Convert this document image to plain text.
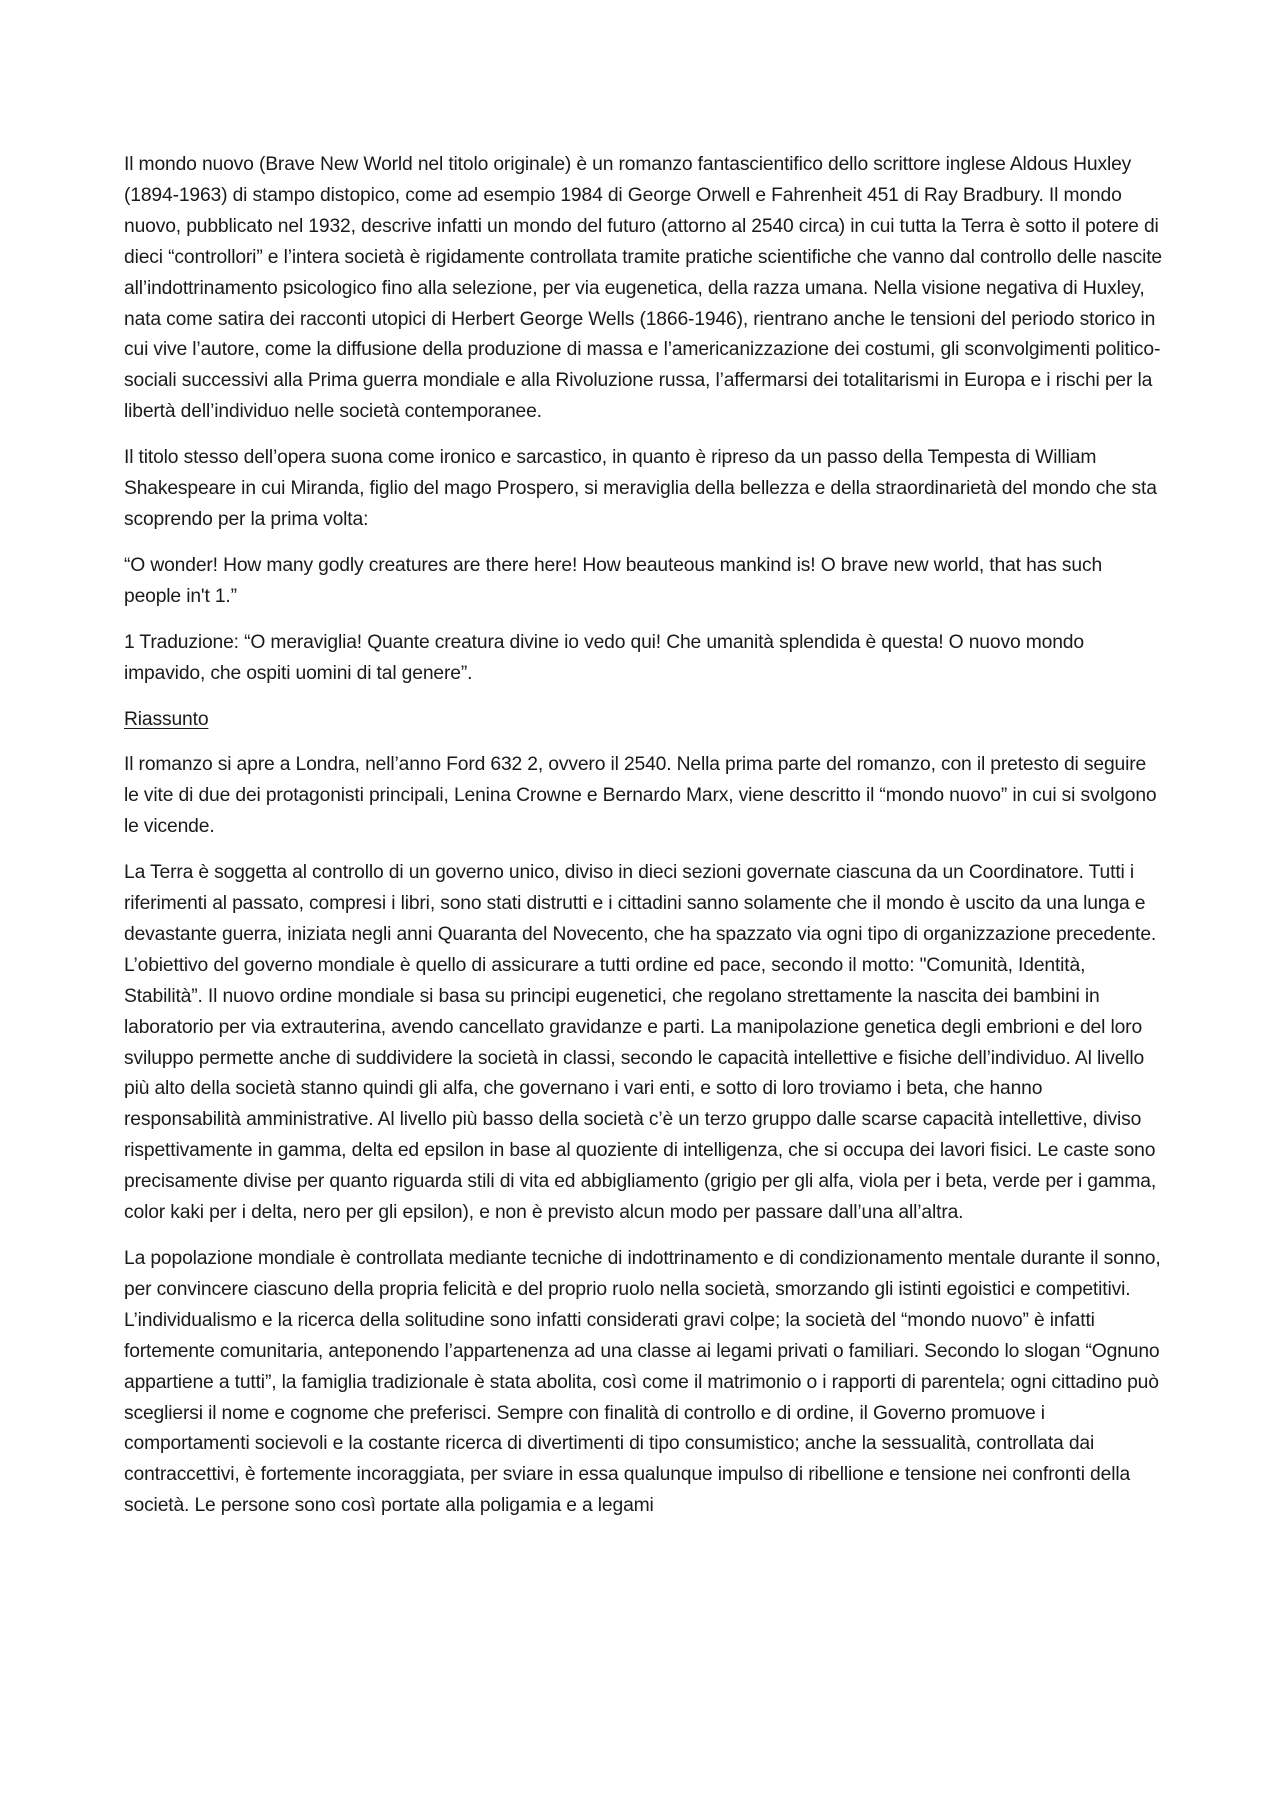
Il mondo nuovo (Brave New World nel titolo originale) è un romanzo fantascientifico dello scrittore inglese Aldous Huxley (1894-1963) di stampo distopico, come ad esempio 1984 di George Orwell e Fahrenheit 451 di Ray Bradbury. Il mondo nuovo, pubblicato nel 1932, descrive infatti un mondo del futuro (attorno al 2540 circa) in cui tutta la Terra è sotto il potere di dieci “controllori” e l’intera società è rigidamente controllata tramite pratiche scientifiche che vanno dal controllo delle nascite all’indottrinamento psicologico fino alla selezione, per via eugenetica, della razza umana. Nella visione negativa di Huxley, nata come satira dei racconti utopici di Herbert George Wells (1866-1946), rientrano anche le tensioni del periodo storico in cui vive l’autore, come la diffusione della produzione di massa e l’americanizzazione dei costumi, gli sconvolgimenti politico-sociali successivi alla Prima guerra mondiale e alla Rivoluzione russa, l’affermarsi dei totalitarismi in Europa e i rischi per la libertà dell’individuo nelle società contemporanee.

Il titolo stesso dell’opera suona come ironico e sarcastico, in quanto è ripreso da un passo della Tempesta di William Shakespeare in cui Miranda, figlio del mago Prospero, si meraviglia della bellezza e della straordinarietà del mondo che sta scoprendo per la prima volta:

“O wonder! How many godly creatures are there here! How beauteous mankind is! O brave new world, that has such people in't 1.”

1 Traduzione: “O meraviglia! Quante creatura divine io vedo qui! Che umanità splendida è questa! O nuovo mondo impavido, che ospiti uomini di tal genere”.

Riassunto

Il romanzo si apre a Londra, nell’anno Ford 632 2, ovvero il 2540. Nella prima parte del romanzo, con il pretesto di seguire le vite di due dei protagonisti principali, Lenina Crowne e Bernardo Marx, viene descritto il “mondo nuovo” in cui si svolgono le vicende.

La Terra è soggetta al controllo di un governo unico, diviso in dieci sezioni governate ciascuna da un Coordinatore. Tutti i riferimenti al passato, compresi i libri, sono stati distrutti e i cittadini sanno solamente che il mondo è uscito da una lunga e devastante guerra, iniziata negli anni Quaranta del Novecento, che ha spazzato via ogni tipo di organizzazione precedente. L’obiettivo del governo mondiale è quello di assicurare a tutti ordine ed pace, secondo il motto: "Comunità, Identità, Stabilità”. Il nuovo ordine mondiale si basa su principi eugenetici, che regolano strettamente la nascita dei bambini in laboratorio per via extrauterina, avendo cancellato gravidanze e parti. La manipolazione genetica degli embrioni e del loro sviluppo permette anche di suddividere la società in classi, secondo le capacità intellettive e fisiche dell’individuo. Al livello più alto della società stanno quindi gli alfa, che governano i vari enti, e sotto di loro troviamo i beta, che hanno responsabilità amministrative. Al livello più basso della società c’è un terzo gruppo dalle scarse capacità intellettive, diviso rispettivamente in gamma, delta ed epsilon in base al quoziente di intelligenza, che si occupa dei lavori fisici. Le caste sono precisamente divise per quanto riguarda stili di vita ed abbigliamento (grigio per gli alfa, viola per i beta, verde per i gamma, color kaki per i delta, nero per gli epsilon), e non è previsto alcun modo per passare dall’una all’altra.

La popolazione mondiale è controllata mediante tecniche di indottrinamento e di condizionamento mentale durante il sonno, per convincere ciascuno della propria felicità e del proprio ruolo nella società, smorzando gli istinti egoistici e competitivi. L’individualismo e la ricerca della solitudine sono infatti considerati gravi colpe; la società del “mondo nuovo” è infatti fortemente comunitaria, anteponendo l’appartenenza ad una classe ai legami privati o familiari. Secondo lo slogan “Ognuno appartiene a tutti”, la famiglia tradizionale è stata abolita, così come il matrimonio o i rapporti di parentela; ogni cittadino può scegliersi il nome e cognome che preferisci. Sempre con finalità di controllo e di ordine, il Governo promuove i comportamenti socievoli e la costante ricerca di divertimenti di tipo consumistico; anche la sessualità, controllata dai contraccettivi, è fortemente incoraggiata, per sviare in essa qualunque impulso di ribellione e tensione nei confronti della società. Le persone sono così portate alla poligamia e a legami
